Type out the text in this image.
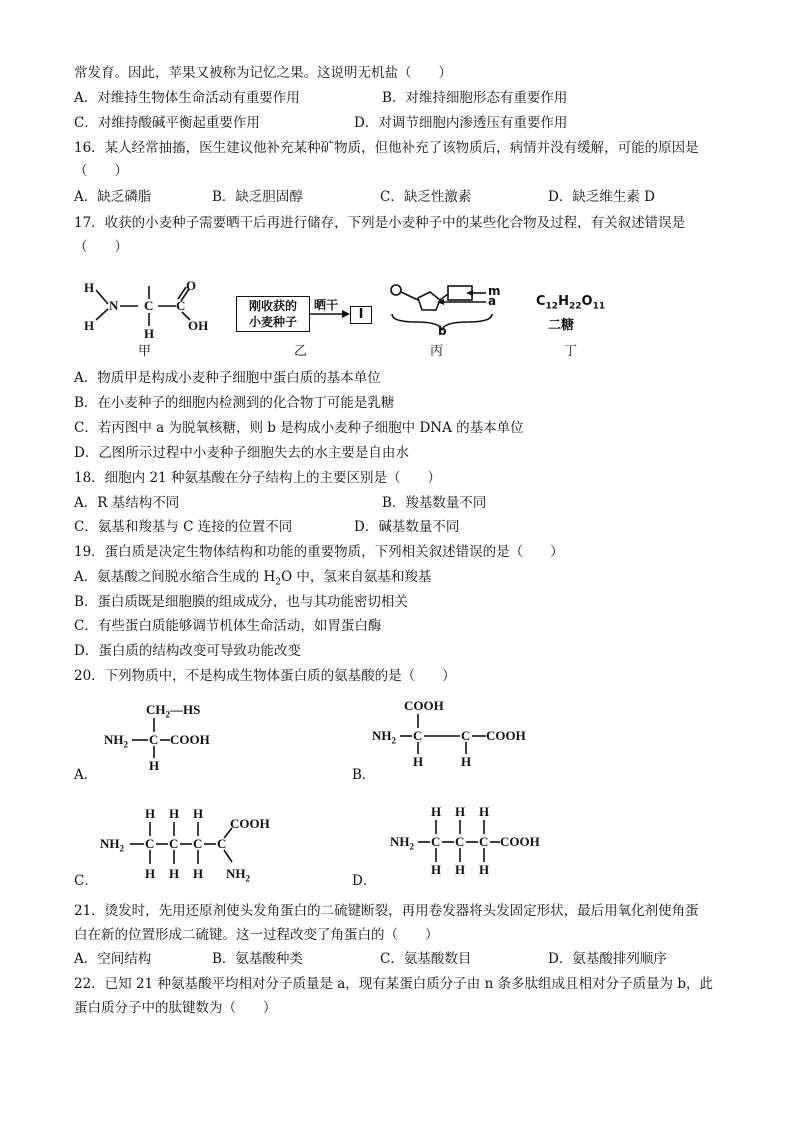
常发育。因此，苹果又被称为记忆之果。这说明无机盐（　　）
A．对维持生物体生命活动有重要作用	B．对维持细胞形态有重要作用
C．对维持酸碱平衡起重要作用	D．对调节细胞内渗透压有重要作用
16．某人经常抽搐，医生建议他补充某种矿物质，但他补充了该物质后，病情并没有缓解，可能的原因是
（　　）
A．缺乏磷脂	B．缺乏胆固醇	C．缺乏性激素	D．缺乏维生素 D
17．收获的小麦种子需要晒干后再进行储存，下列是小麦种子中的某些化合物及过程，有关叙述错误是
（　　）
H
H
N C
H
C
O
OH
甲
刚收获的
小麦种子
晒干
I
乙
m
a
b
丙
$C_{12}H_{22}O_{11}$
二糖
丁
A．物质甲是构成小麦种子细胞中蛋白质的基本单位
B．在小麦种子的细胞内检测到的化合物丁可能是乳糖
C．若丙图中 a 为脱氧核糖，则 b 是构成小麦种子细胞中 DNA 的基本单位
D．乙图所示过程中小麦种子细胞失去的水主要是自由水
18．细胞内 21 种氨基酸在分子结构上的主要区别是（　　）
A．R 基结构不同	B．羧基数量不同
C．氨基和羧基与 C 连接的位置不同	D．碱基数量不同
19．蛋白质是决定生物体结构和功能的重要物质，下列相关叙述错误的是（　　）
A．氨基酸之间脱水缩合生成的 $H_2O$ 中，氢来自氨基和羧基
B．蛋白质既是细胞膜的组成成分，也与其功能密切相关
C．有些蛋白质能够调节机体生命活动，如胃蛋白酶
D．蛋白质的结构改变可导致功能改变
20．下列物质中，不是构成生物体蛋白质的氨基酸的是（　　）
$CH_2—HS$
$NH_2$ C COOH
H
A．
COOH
$NH_2$ C	C COOH
H	H
B．
H H H
COOH
$NH_2$ C C C C
H H H $NH_2$
C．
H H H
$NH_2$ C C C COOH
H H H
D．
21．烫发时，先用还原剂使头发角蛋白的二硫键断裂，再用卷发器将头发固定形状，最后用氧化剂使角蛋
白在新的位置形成二硫键。这一过程改变了角蛋白的（　　）
A．空间结构	B．氨基酸种类	C．氨基酸数目	D．氨基酸排列顺序
22．已知 21 种氨基酸平均相对分子质量是 a，现有某蛋白质分子由 n 条多肽组成且相对分子质量为 b，此
蛋白质分子中的肽键数为（　　）
